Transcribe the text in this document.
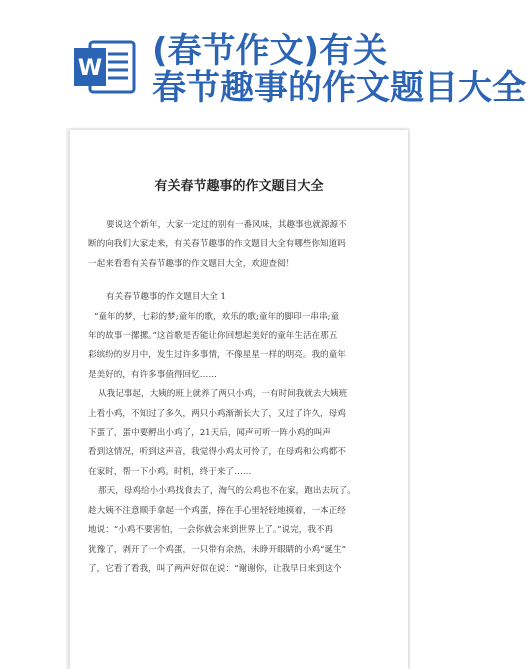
W (春节作文)有关
春节趣事的作文题目大全
有关春节趣事的作文题目大全

要说这个新年，大家一定过的别有一番风味，其趣事也就源源不
断的向我们大家走来，有关春节趣事的作文题目大全有哪些你知道吗
一起来看看有关春节趣事的作文题目大全，欢迎查阅！

有关春节趣事的作文题目大全 1

“童年的梦，七彩的梦;童年的歌，欢乐的歌;童年的脚印一串串;童
年的故事一摞摞。”这首歌是否能让你回想起美好的童年生活在那五
彩缤纷的岁月中，发生过许多事情，不像星星一样的明亮。我的童年
是美好的，有许多事值得回忆……

从我记事起，大姨的班上就养了两只小鸡，一有时间我就去大姨班
上看小鸡，不知过了多久，两只小鸡渐渐长大了，又过了许久，母鸡
下蛋了，蛋中要孵出小鸡了，21天后，闻声可听一阵小鸡的叫声
看到这情况，听到这声音，我觉得小鸡太可怜了，在母鸡和公鸡都不
在家时，帮一下小鸡。时机，终于来了……

那天，母鸡给小小鸡找食去了，淘气的公鸡也不在家，跑出去玩了。
趁大姨不注意顺手拿起一个鸡蛋，捧在手心里轻轻地摸着，一本正经
地说：“小鸡不要害怕，一会你就会来到世界上了。”说完，我不再
犹豫了，剥开了一个鸡蛋，一只带有余热，未睁开眼睛的小鸡“诞生”
了，它看了看我，叫了两声好似在说：“谢谢你，让我早日来到这个
